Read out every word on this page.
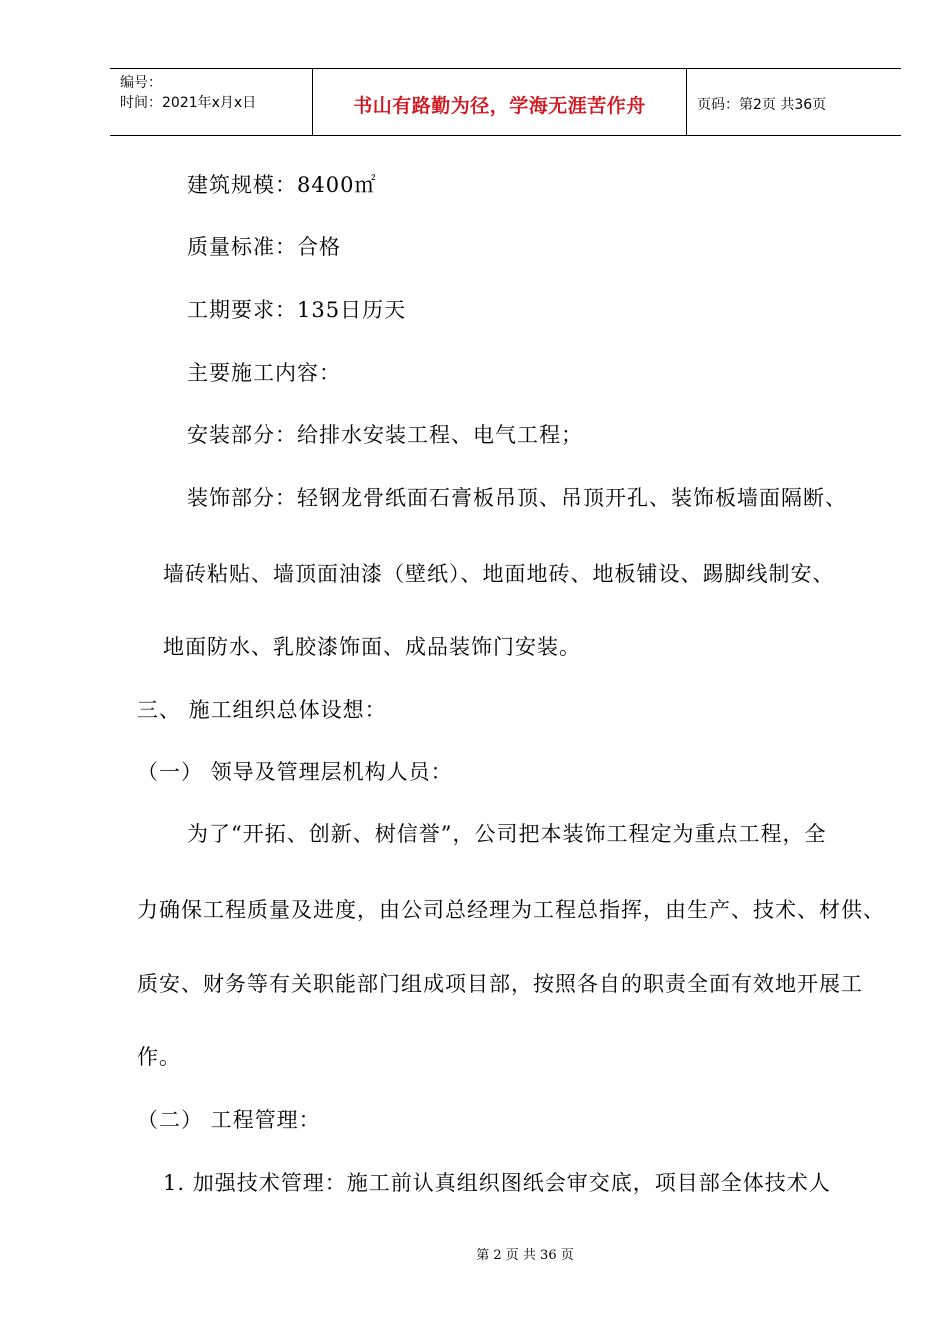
编号：
时间：2021年x月x日	书山有路勤为径，学海无涯苦作舟	页码：第2页 共36页
建筑规模：8400㎡
质量标准：合格
工期要求：135日历天
主要施工内容：
安装部分：给排水安装工程、电气工程；
装饰部分：轻钢龙骨纸面石膏板吊顶、吊顶开孔、装饰板墙面隔断、
墙砖粘贴、墙顶面油漆（壁纸）、地面地砖、地板铺设、踢脚线制安、
地面防水、乳胶漆饰面、成品装饰门安装。
三、 施工组织总体设想：
（一） 领导及管理层机构人员：
为了“开拓、创新、树信誉”，公司把本装饰工程定为重点工程，全
力确保工程质量及进度，由公司总经理为工程总指挥，由生产、技术、材供、
质安、财务等有关职能部门组成项目部，按照各自的职责全面有效地开展工
作。
（二） 工程管理：
1. 加强技术管理：施工前认真组织图纸会审交底，项目部全体技术人
第 2 页 共 36 页
